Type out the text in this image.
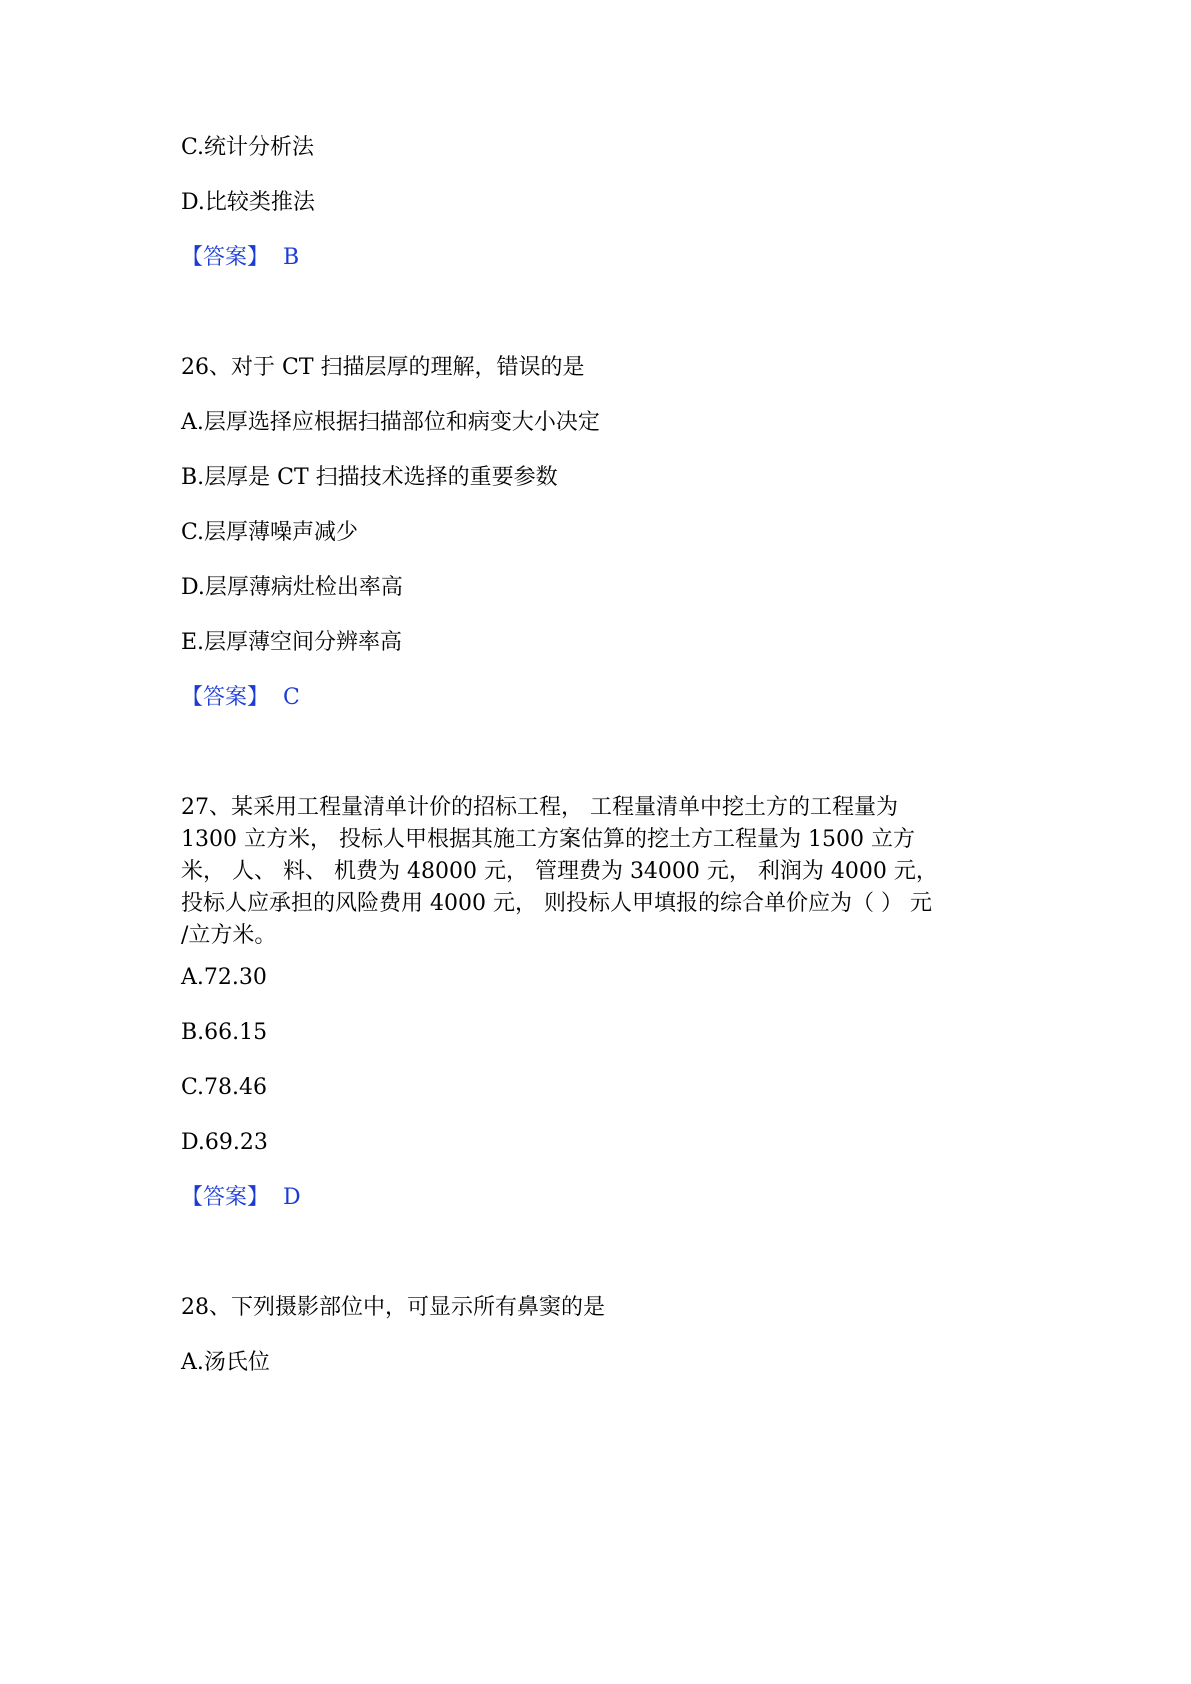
C.统计分析法

D.比较类推法

【答案】 B

26、对于 CT 扫描层厚的理解，错误的是

A.层厚选择应根据扫描部位和病变大小决定

B.层厚是 CT 扫描技术选择的重要参数

C.层厚薄噪声减少

D.层厚薄病灶检出率高

E.层厚薄空间分辨率高

【答案】 C

27、某采用工程量清单计价的招标工程， 工程量清单中挖土方的工程量为
1300 立方米， 投标人甲根据其施工方案估算的挖土方工程量为 1500 立方
米， 人、 料、 机费为 48000 元， 管理费为 34000 元， 利润为 4000 元，
投标人应承担的风险费用 4000 元， 则投标人甲填报的综合单价应为（ ） 元
/立方米。

A.72.30

B.66.15

C.78.46

D.69.23

【答案】 D

28、下列摄影部位中，可显示所有鼻窦的是

A.汤氏位
